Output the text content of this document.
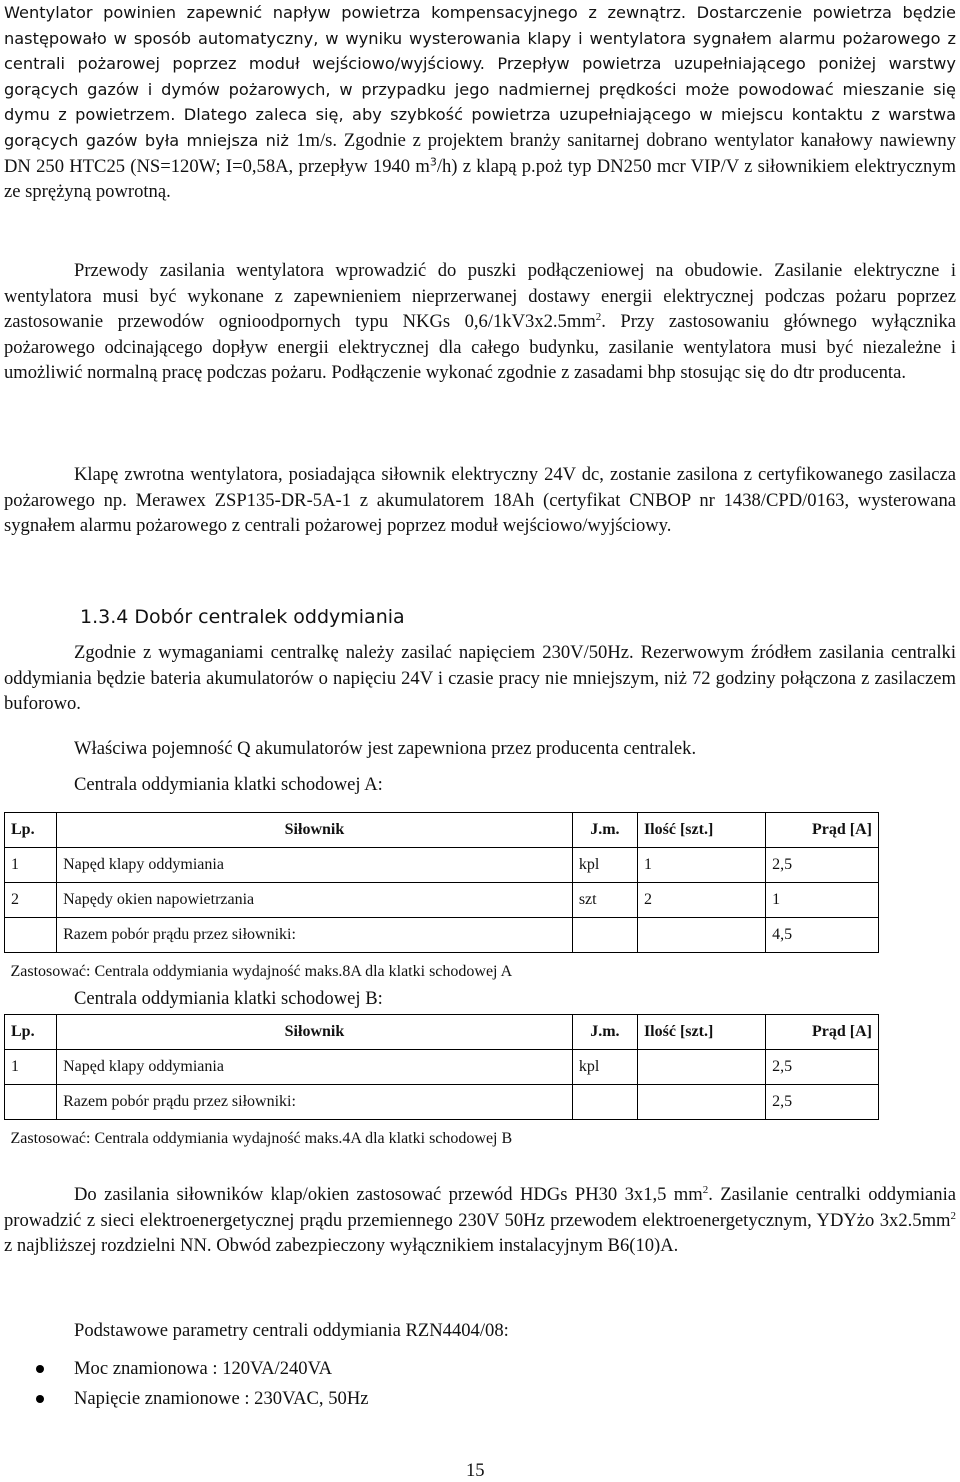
Wentylator powinien zapewnić napływ powietrza kompensacyjnego z zewnątrz. Dostarczenie powietrza będzie następowało w sposób automatyczny, w wyniku wysterowania klapy i wentylatora sygnałem alarmu pożarowego z centrali pożarowej poprzez moduł wejściowo/wyjściowy. Przepływ powietrza uzupełniającego poniżej warstwy gorących gazów i dymów pożarowych, w przypadku jego nadmiernej prędkości może powodować mieszanie się dymu z powietrzem. Dlatego zaleca się, aby szybkość powietrza uzupełniającego w miejscu kontaktu z warstwa gorących gazów była mniejsza niż 1m/s. Zgodnie z projektem branży sanitarnej dobrano wentylator kanałowy nawiewny DN 250 HTC25 (NS=120W; I=0,58A, przepływ 1940 $m^3/h$) z klapą p.poż typ DN250 mcr VIP/V z siłownikiem elektrycznym ze sprężyną powrotną.

Przewody zasilania wentylatora wprowadzić do puszki podłączeniowej na obudowie. Zasilanie elektryczne i wentylatora musi być wykonane z zapewnieniem nieprzerwanej dostawy energii elektrycznej podczas pożaru poprzez zastosowanie przewodów ognioodpornych typu NKGs $0,6/1kV3x2.5mm^2$. Przy zastosowaniu głównego wyłącznika pożarowego odcinającego dopływ energii elektrycznej dla całego budynku, zasilanie wentylatora musi być niezależne i umożliwić normalną pracę podczas pożaru. Podłączenie wykonać zgodnie z zasadami bhp stosując się do dtr producenta.

Klapę zwrotna wentylatora, posiadająca siłownik elektryczny 24V dc, zostanie zasilona z certyfikowanego zasilacza pożarowego np. Merawex ZSP135-DR-5A-1 z akumulatorem 18Ah (certyfikat CNBOP nr 1438/CPD/0163, wysterowana sygnałem alarmu pożarowego z centrali pożarowej poprzez moduł wejściowo/wyjściowy.

1.3.4 Dobór centralek oddymiania

Zgodnie z wymaganiami centralkę należy zasilać napięciem 230V/50Hz. Rezerwowym źródłem zasilania centralki oddymiania będzie bateria akumulatorów o napięciu 24V i czasie pracy nie mniejszym, niż 72 godziny połączona z zasilaczem buforowo.

Właściwa pojemność Q akumulatorów jest zapewniona przez producenta centralek.

Centrala oddymiania klatki schodowej A:

Lp.	Siłownik	J.m.	Ilość [szt.]	Prąd [A]
1	Napęd klapy oddymiania	kpl	1	2,5
2	Napędy okien napowietrzania	szt	2	1
	Razem pobór prądu przez siłowniki:			4,5
Zastosować: Centrala oddymiania wydajność maks.8A dla klatki schodowej A				

Centrala oddymiania klatki schodowej B:

Lp.	Siłownik	J.m.	Ilość [szt.]	Prąd [A]
1	Napęd klapy oddymiania	kpl		2,5
	Razem pobór prądu przez siłowniki:			2,5
Zastosować: Centrala oddymiania wydajność maks.4A dla klatki schodowej B				

Do zasilania siłowników klap/okien zastosować przewód HDGs PH30 3x1,5 $mm^2$. Zasilanie centralki oddymiania prowadzić z sieci elektroenergetycznej prądu przemiennego 230V 50Hz przewodem elektroenergetycznym, YDYżo $3x2.5mm^2$ z najbliższej rozdzielni NN. Obwód zabezpieczony wyłącznikiem instalacyjnym B6(10)A.

Podstawowe parametry centrali oddymiania RZN4404/08:

Moc znamionowa : 120VA/240VA
Napięcie znamionowe : 230VAC, 50Hz
15
